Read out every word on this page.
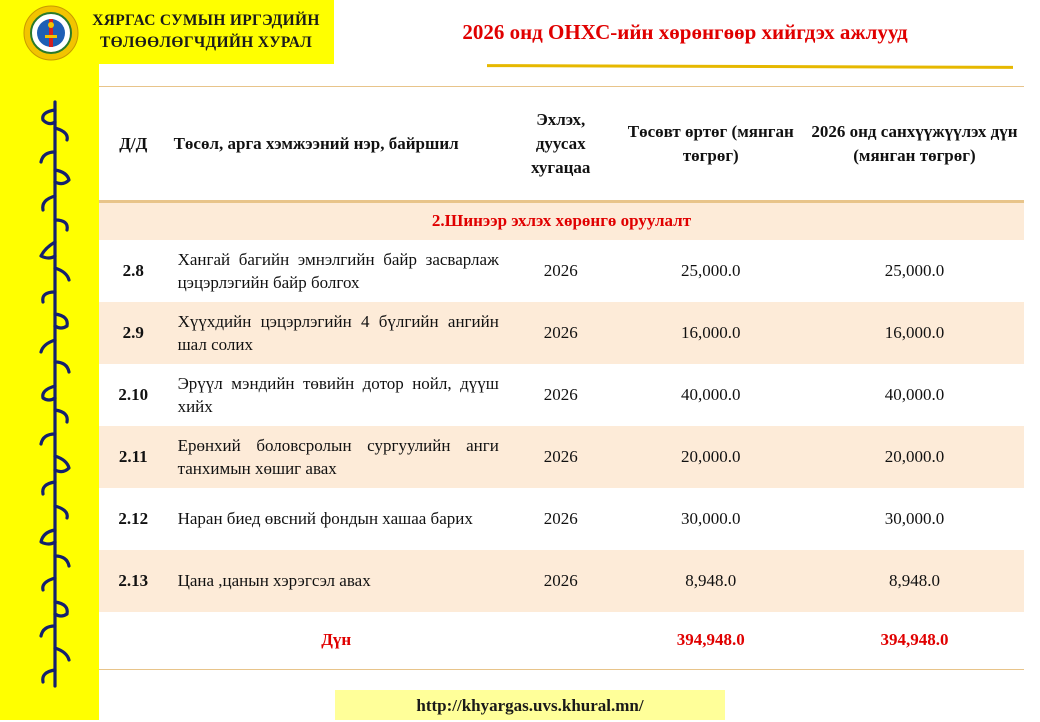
ХЯРГАС СУМЫН ИРГЭДИЙН
ТӨЛӨӨЛӨГЧДИЙН ХУРАЛ	2026 онд ОНХС-ийн хөрөнгөөр хийгдэх ажлууд
Д/Д	Төсөл, арга хэмжээний нэр, байршил	Эхлэх, дуусах хугацаа	Төсөвт өртөг (мянган төгрөг)	2026 онд санхүүжүүлэх дүн (мянган төгрөг)
2.Шинээр эхлэх хөрөнгө оруулалт				
2.8	Хангай багийн эмнэлгийн байр засварлаж цэцэрлэгийн байр болгох	2026	25,000.0	25,000.0
2.9	Хүүхдийн цэцэрлэгийн 4 бүлгийн ангийн шал солих	2026	16,000.0	16,000.0
2.10	Эрүүл мэндийн төвийн дотор нойл, дүүш хийх	2026	40,000.0	40,000.0
2.11	Ерөнхий боловсролын сургуулийн анги танхимын хөшиг авах	2026	20,000.0	20,000.0
2.12	Наран биед өвсний фондын хашаа барих	2026	30,000.0	30,000.0
2.13	Цана ,цанын хэрэгсэл авах	2026	8,948.0	8,948.0
	Дүн		394,948.0	394,948.0
http://khyargas.uvs.khural.mn/
